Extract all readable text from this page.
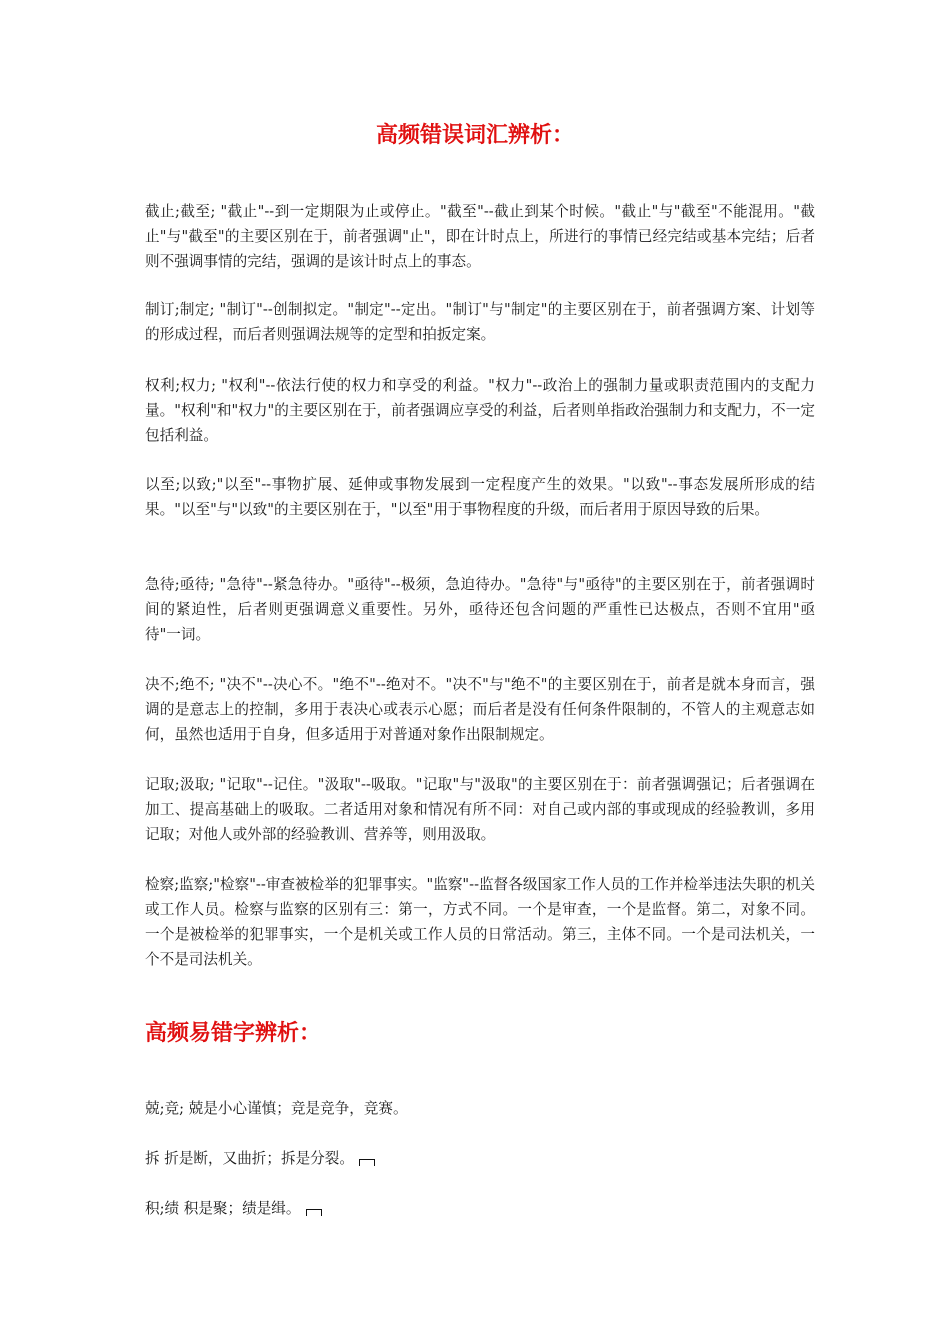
高频错误词汇辨析：
截止;截至; "截止"--到一定期限为止或停止。"截至"--截止到某个时候。"截止"与"截至"不能混用。"截止"与"截至"的主要区别在于，前者强调"止"，即在计时点上，所进行的事情已经完结或基本完结；后者则不强调事情的完结，强调的是该计时点上的事态。
制订;制定; "制订"--创制拟定。"制定"--定出。"制订"与"制定"的主要区别在于，前者强调方案、计划等的形成过程，而后者则强调法规等的定型和拍扳定案。
权利;权力; "权利"--依法行使的权力和享受的利益。"权力"--政治上的强制力量或职责范围内的支配力量。"权利"和"权力"的主要区别在于，前者强调应享受的利益，后者则单指政治强制力和支配力，不一定包括利益。
以至;以致;"以至"--事物扩展、延伸或事物发展到一定程度产生的效果。"以致"--事态发展所形成的结果。"以至"与"以致"的主要区别在于，"以至"用于事物程度的升级，而后者用于原因导致的后果。
急待;亟待; "急待"--紧急待办。"亟待"--极须，急迫待办。"急待"与"亟待"的主要区别在于，前者强调时间的紧迫性，后者则更强调意义重要性。另外，亟待还包含问题的严重性已达极点，否则不宜用"亟待"一词。
决不;绝不; "决不"--决心不。"绝不"--绝对不。"决不"与"绝不"的主要区别在于，前者是就本身而言，强调的是意志上的控制，多用于表决心或表示心愿；而后者是没有任何条件限制的，不管人的主观意志如何，虽然也适用于自身，但多适用于对普通对象作出限制规定。
记取;汲取; "记取"--记住。"汲取"--吸取。"记取"与"汲取"的主要区别在于：前者强调强记；后者强调在加工、提高基础上的吸取。二者适用对象和情况有所不同：对自己或内部的事或现成的经验教训，多用记取；对他人或外部的经验教训、营养等，则用汲取。
检察;监察;"检察"--审查被检举的犯罪事实。"监察"--监督各级国家工作人员的工作并检举违法失职的机关或工作人员。检察与监察的区别有三：第一，方式不同。一个是审查，一个是监督。第二，对象不同。一个是被检举的犯罪事实，一个是机关或工作人员的日常活动。第三，主体不同。一个是司法机关，一个不是司法机关。
高频易错字辨析：
兢;竞; 兢是小心谨慎；竞是竞争，竞赛。
拆 折是断，又曲折；拆是分裂。
积;绩 积是聚；绩是缉。
